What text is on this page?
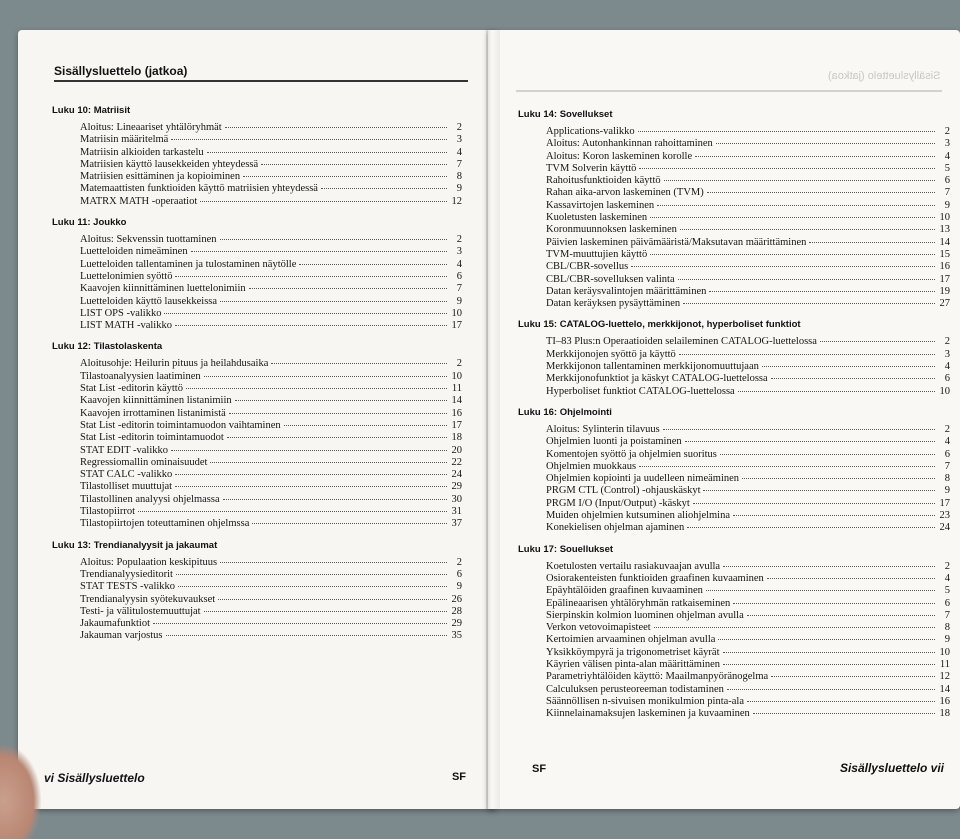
Sisällysluettelo (jatkoa)
Luku 10: Matriisit
Aloitus: Lineaariset yhtälöryhmät	2
Matriisin määritelmä	3
Matriisin alkioiden tarkastelu	4
Matriisien käyttö lausekkeiden yhteydessä	7
Matriisien esittäminen ja kopioiminen	8
Matemaattisten funktioiden käyttö matriisien yhteydessä	9
MATRX MATH -operaatiot	12
Luku 11: Joukko
Aloitus: Sekvenssin tuottaminen	2
Luetteloiden nimeäminen	3
Luetteloiden tallentaminen ja tulostaminen näytölle	4
Luettelonimien syöttö	6
Kaavojen kiinnittäminen luettelonimiin	7
Luetteloiden käyttö lausekkeissa	9
LIST OPS -valikko	10
LIST MATH -valikko	17
Luku 12: Tilastolaskenta
Aloitusohje: Heilurin pituus ja heilahdusaika	2
Tilastoanalyysien laatiminen	10
Stat List -editorin käyttö	11
Kaavojen kiinnittäminen listanimiin	14
Kaavojen irrottaminen listanimistä	16
Stat List -editorin toimintamuodon vaihtaminen	17
Stat List -editorin toimintamuodot	18
STAT EDIT -valikko	20
Regressiomallin ominaisuudet	22
STAT CALC -valikko	24
Tilastolliset muuttujat	29
Tilastollinen analyysi ohjelmassa	30
Tilastopiirrot	31
Tilastopiirtojen toteuttaminen ohjelmssa	37
Luku 13: Trendianalyysit ja jakaumat
Aloitus: Populaation keskipituus	2
Trendianalyysieditorit	6
STAT TESTS -valikko	9
Trendianalyysin syötekuvaukset	26
Testi- ja välitulostemuuttujat	28
Jakaumafunktiot	29
Jakauman varjostus	35
vi Sisällysluettelo	SF
Sisällysluettelo (jatkoa)
Luku 14: Sovellukset
Applications-valikko	2
Aloitus: Autonhankinnan rahoittaminen	3
Aloitus: Koron laskeminen korolle	4
TVM Solverin käyttö	5
Rahoitusfunktioiden käyttö	6
Rahan aika-arvon laskeminen (TVM)	7
Kassavirtojen laskeminen	9
Kuoletusten laskeminen	10
Koronmuunnoksen laskeminen	13
Päivien laskeminen päivämääristä/Maksutavan määrittäminen	14
TVM-muuttujien käyttö	15
CBL/CBR-sovellus	16
CBL/CBR-sovelluksen valinta	17
Datan keräysvalintojen määrittäminen	19
Datan keräyksen pysäyttäminen	27
Luku 15: CATALOG-luettelo, merkkijonot, hyperboliset funktiot
TI–83 Plus:n Operaatioiden selaileminen CATALOG-luettelossa	2
Merkkijonojen syöttö ja käyttö	3
Merkkijonon tallentaminen merkkijonomuuttujaan	4
Merkkijonofunktiot ja käskyt CATALOG-luettelossa	6
Hyperboliset funktiot CATALOG-luettelossa	10
Luku 16: Ohjelmointi
Aloitus: Sylinterin tilavuus	2
Ohjelmien luonti ja poistaminen	4
Komentojen syöttö ja ohjelmien suoritus	6
Ohjelmien muokkaus	7
Ohjelmien kopiointi ja uudelleen nimeäminen	8
PRGM CTL (Control) -ohjauskäskyt	9
PRGM I/O (Input/Output) -käskyt	17
Muiden ohjelmien kutsuminen aliohjelmina	23
Konekielisen ohjelman ajaminen	24
Luku 17: Souellukset
Koetulosten vertailu rasiakuvaajan avulla	2
Osiorakenteisten funktioiden graafinen kuvaaminen	4
Epäyhtälöiden graafinen kuvaaminen	5
Epälineaarisen yhtälöryhmän ratkaiseminen	6
Sierpinskin kolmion luominen ohjelman avulla	7
Verkon vetovoimapisteet	8
Kertoimien arvaaminen ohjelman avulla	9
Yksikköympyrä ja trigonometriset käyrät	10
Käyrien välisen pinta-alan määrittäminen	11
Parametriyhtälöiden käyttö: Maailmanpyöränogelma	12
Calculuksen perusteoreeman todistaminen	14
Säännöllisen n-sivuisen monikulmion pinta-ala	16
Kiinnelainamaksujen laskeminen ja kuvaaminen	18
SF	Sisällysluettelo vii
